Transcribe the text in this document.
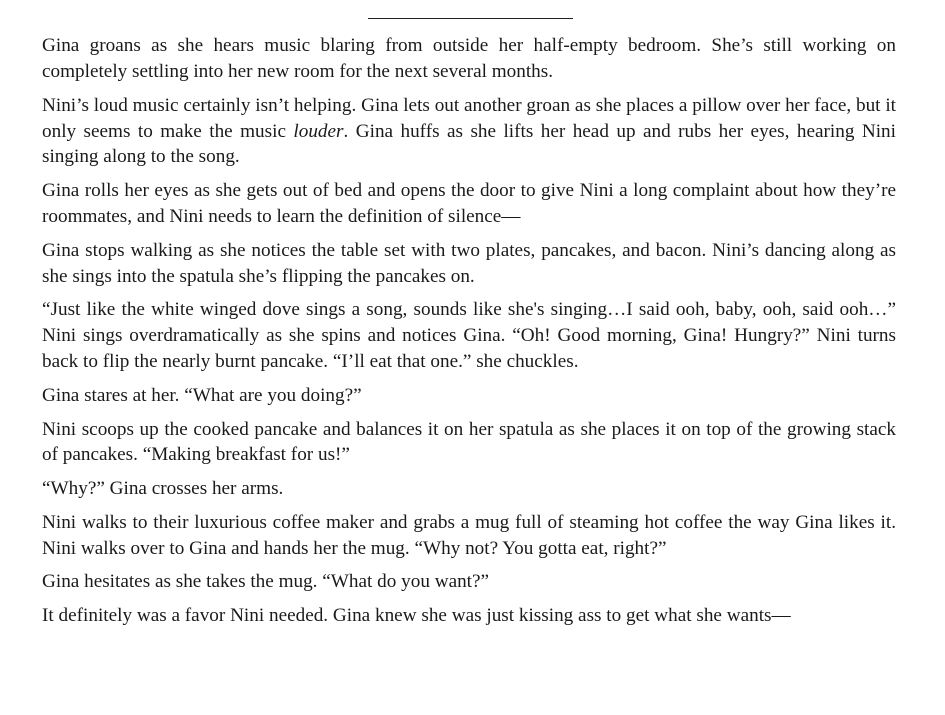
Gina groans as she hears music blaring from outside her half-empty bedroom. She’s still working on completely settling into her new room for the next several months.

Nini’s loud music certainly isn’t helping. Gina lets out another groan as she places a pillow over her face, but it only seems to make the music louder. Gina huffs as she lifts her head up and rubs her eyes, hearing Nini singing along to the song.

Gina rolls her eyes as she gets out of bed and opens the door to give Nini a long complaint about how they’re roommates, and Nini needs to learn the definition of silence—

Gina stops walking as she notices the table set with two plates, pancakes, and bacon. Nini’s dancing along as she sings into the spatula she’s flipping the pancakes on.

“Just like the white winged dove sings a song, sounds like she's singing…I said ooh, baby, ooh, said ooh…” Nini sings overdramatically as she spins and notices Gina. “Oh! Good morning, Gina! Hungry?” Nini turns back to flip the nearly burnt pancake. “I’ll eat that one.” she chuckles.

Gina stares at her. “What are you doing?”

Nini scoops up the cooked pancake and balances it on her spatula as she places it on top of the growing stack of pancakes. “Making breakfast for us!”

“Why?” Gina crosses her arms.

Nini walks to their luxurious coffee maker and grabs a mug full of steaming hot coffee the way Gina likes it. Nini walks over to Gina and hands her the mug. “Why not? You gotta eat, right?”

Gina hesitates as she takes the mug. “What do you want?”

It definitely was a favor Nini needed. Gina knew she was just kissing ass to get what she wants—
